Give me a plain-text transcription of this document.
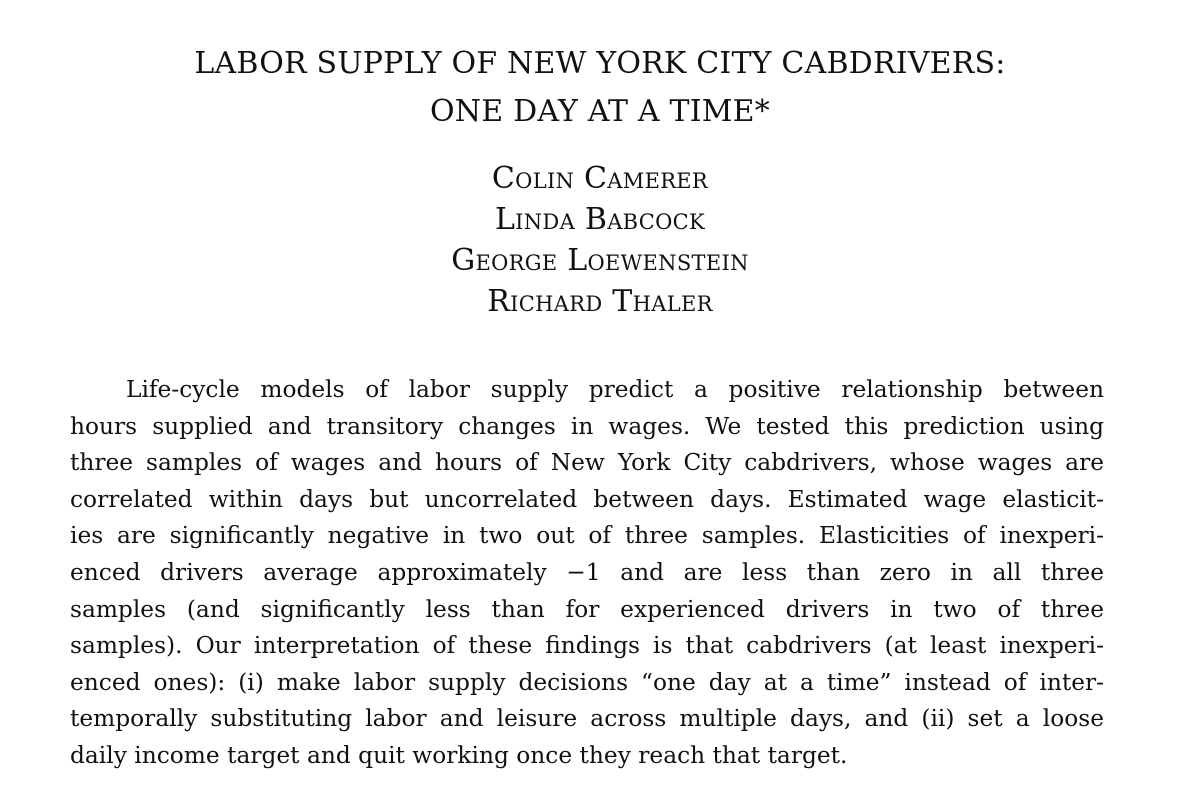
LABOR SUPPLY OF NEW YORK CITY CABDRIVERS:
ONE DAY AT A TIME*
Colin Camerer
Linda Babcock
George Loewenstein
Richard Thaler
Life-cycle models of labor supply predict a positive relationship between
hours supplied and transitory changes in wages. We tested this prediction using
three samples of wages and hours of New York City cabdrivers, whose wages are
correlated within days but uncorrelated between days. Estimated wage elasticit-
ies are significantly negative in two out of three samples. Elasticities of inexperi-
enced drivers average approximately −1 and are less than zero in all three
samples (and significantly less than for experienced drivers in two of three
samples). Our interpretation of these findings is that cabdrivers (at least inexperi-
enced ones): (i) make labor supply decisions “one day at a time” instead of inter-
temporally substituting labor and leisure across multiple days, and (ii) set a loose
daily income target and quit working once they reach that target.
